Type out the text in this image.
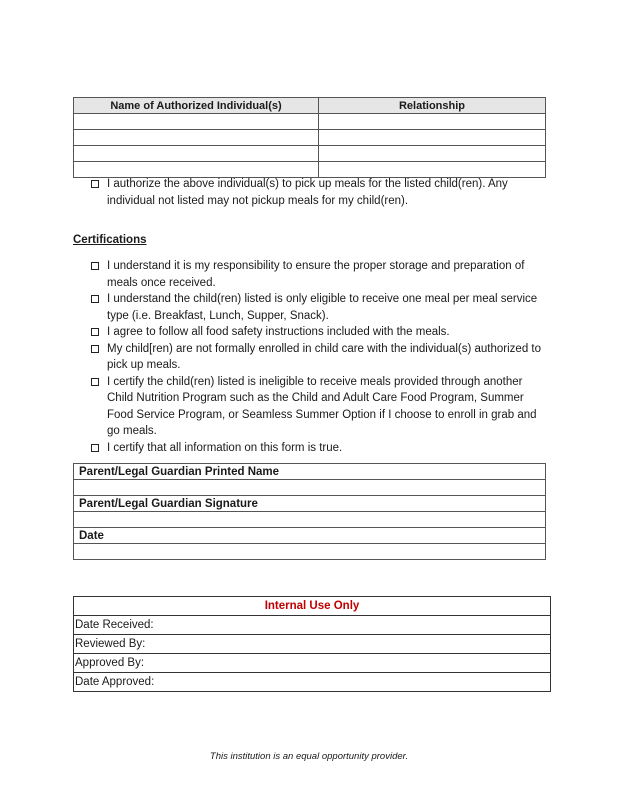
Name of Authorized Individual(s)	Relationship

I authorize the above individual(s) to pick up meals for the listed child(ren). Any individual not listed may not pickup meals for my child(ren).
Certifications
I understand it is my responsibility to ensure the proper storage and preparation of meals once received.
I understand the child(ren) listed is only eligible to receive one meal per meal service type (i.e. Breakfast, Lunch, Supper, Snack).
I agree to follow all food safety instructions included with the meals.
My child[ren) are not formally enrolled in child care with the individual(s) authorized to pick up meals.
I certify the child(ren) listed is ineligible to receive meals provided through another Child Nutrition Program such as the Child and Adult Care Food Program, Summer Food Service Program, or Seamless Summer Option if I choose to enroll in grab and go meals.
I certify that all information on this form is true.
Parent/Legal Guardian Printed Name

Parent/Legal Guardian Signature

Date

Internal Use Only
Date Received:
Reviewed By:
Approved By:
Date Approved:
This institution is an equal opportunity provider.
